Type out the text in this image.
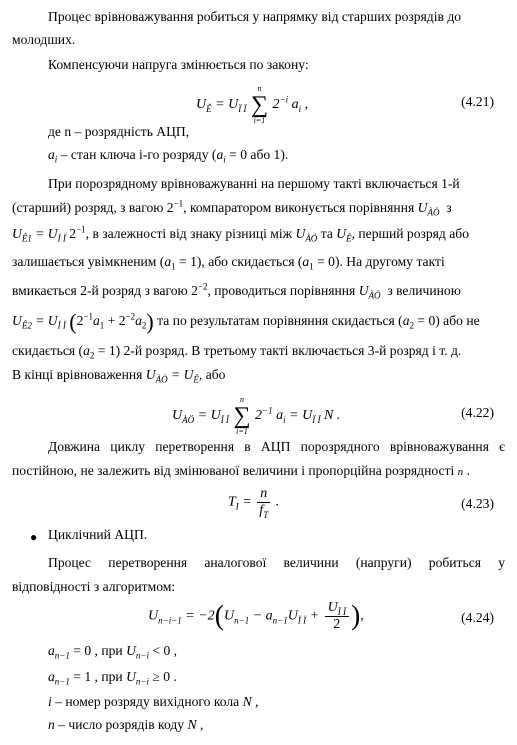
Процес врівноважування робиться у напрямку від старших розрядів до
молодших.
Компенсуючи напруга змінюється по закону:
$U_Ê = U_{Ï Ï}$
n
∑
i=1
$2^{-i}$ $a_i$ ,	(4.21)
де n – розрядність АЦП,
$a_i$ – стан ключа і-го розряду ($a_i = 0$ або 1).
При порозрядному врівноважуванні на першому такті включається 1-й
(старший) розряд, з вагою $2^{-1}$, компаратором виконується порівняння $U_{ÀÖ}$ з
$U_{Ê1} = U_{Ï Ï}$ $2^{-1}$, в залежності від знаку різниці між $U_{ÀÖ}$ та $U_Ê$, перший розряд або
залишається увімкненим $(a_1 = 1)$, або скидається $(a_1 = 0)$. На другому такті
вмикається 2-й розряд з вагою $2^{-2}$, проводиться порівняння $U_{ÀÖ}$ з величиною
$U_{Ê2} = U_{Ï Ï}$ $(2^{-1}a_1 + 2^{-2}a_2)$ та по результатам порівняння скидається $(a_2 = 0)$ або не
скидається $(a_2 = 1)$ 2-й розряд. В третьому такті включається 3-й розряд і т. д.
В кінці врівноваження $U_{ÀÖ} = U_Ê$, або
$U_{ÀÖ} = U_{Ï Ï}$
n
∑
i=1
$2^{-1}$ $a_i = U_{Ï Ï}$ N .	(4.22)
Довжина циклу перетворення в АЦП порозрядного врівноважування є
постійною, не залежить від змінюваної величини і пропорційна розрядності n .
$T_I = \frac{n}{f_T}$ .	(4.23)
● Циклічний АЦП.
Процес перетворення аналогової величини (напруги) робиться у
відповідності з алгоритмом:
$U_{n-i-1} = -2(U_{n-1} - a_{n-1}U_{Ï Ï} + \frac{U_{Ï Ï}}{2}$ ),	(4.24)
$a_{n-1} = 0$ , при $U_{n-i} < 0$ ,
$a_{n-1} = 1$ , при $U_{n-i} \ge 0$ .
i – номер розряду вихідного кола N ,
n – число розрядів коду N ,
